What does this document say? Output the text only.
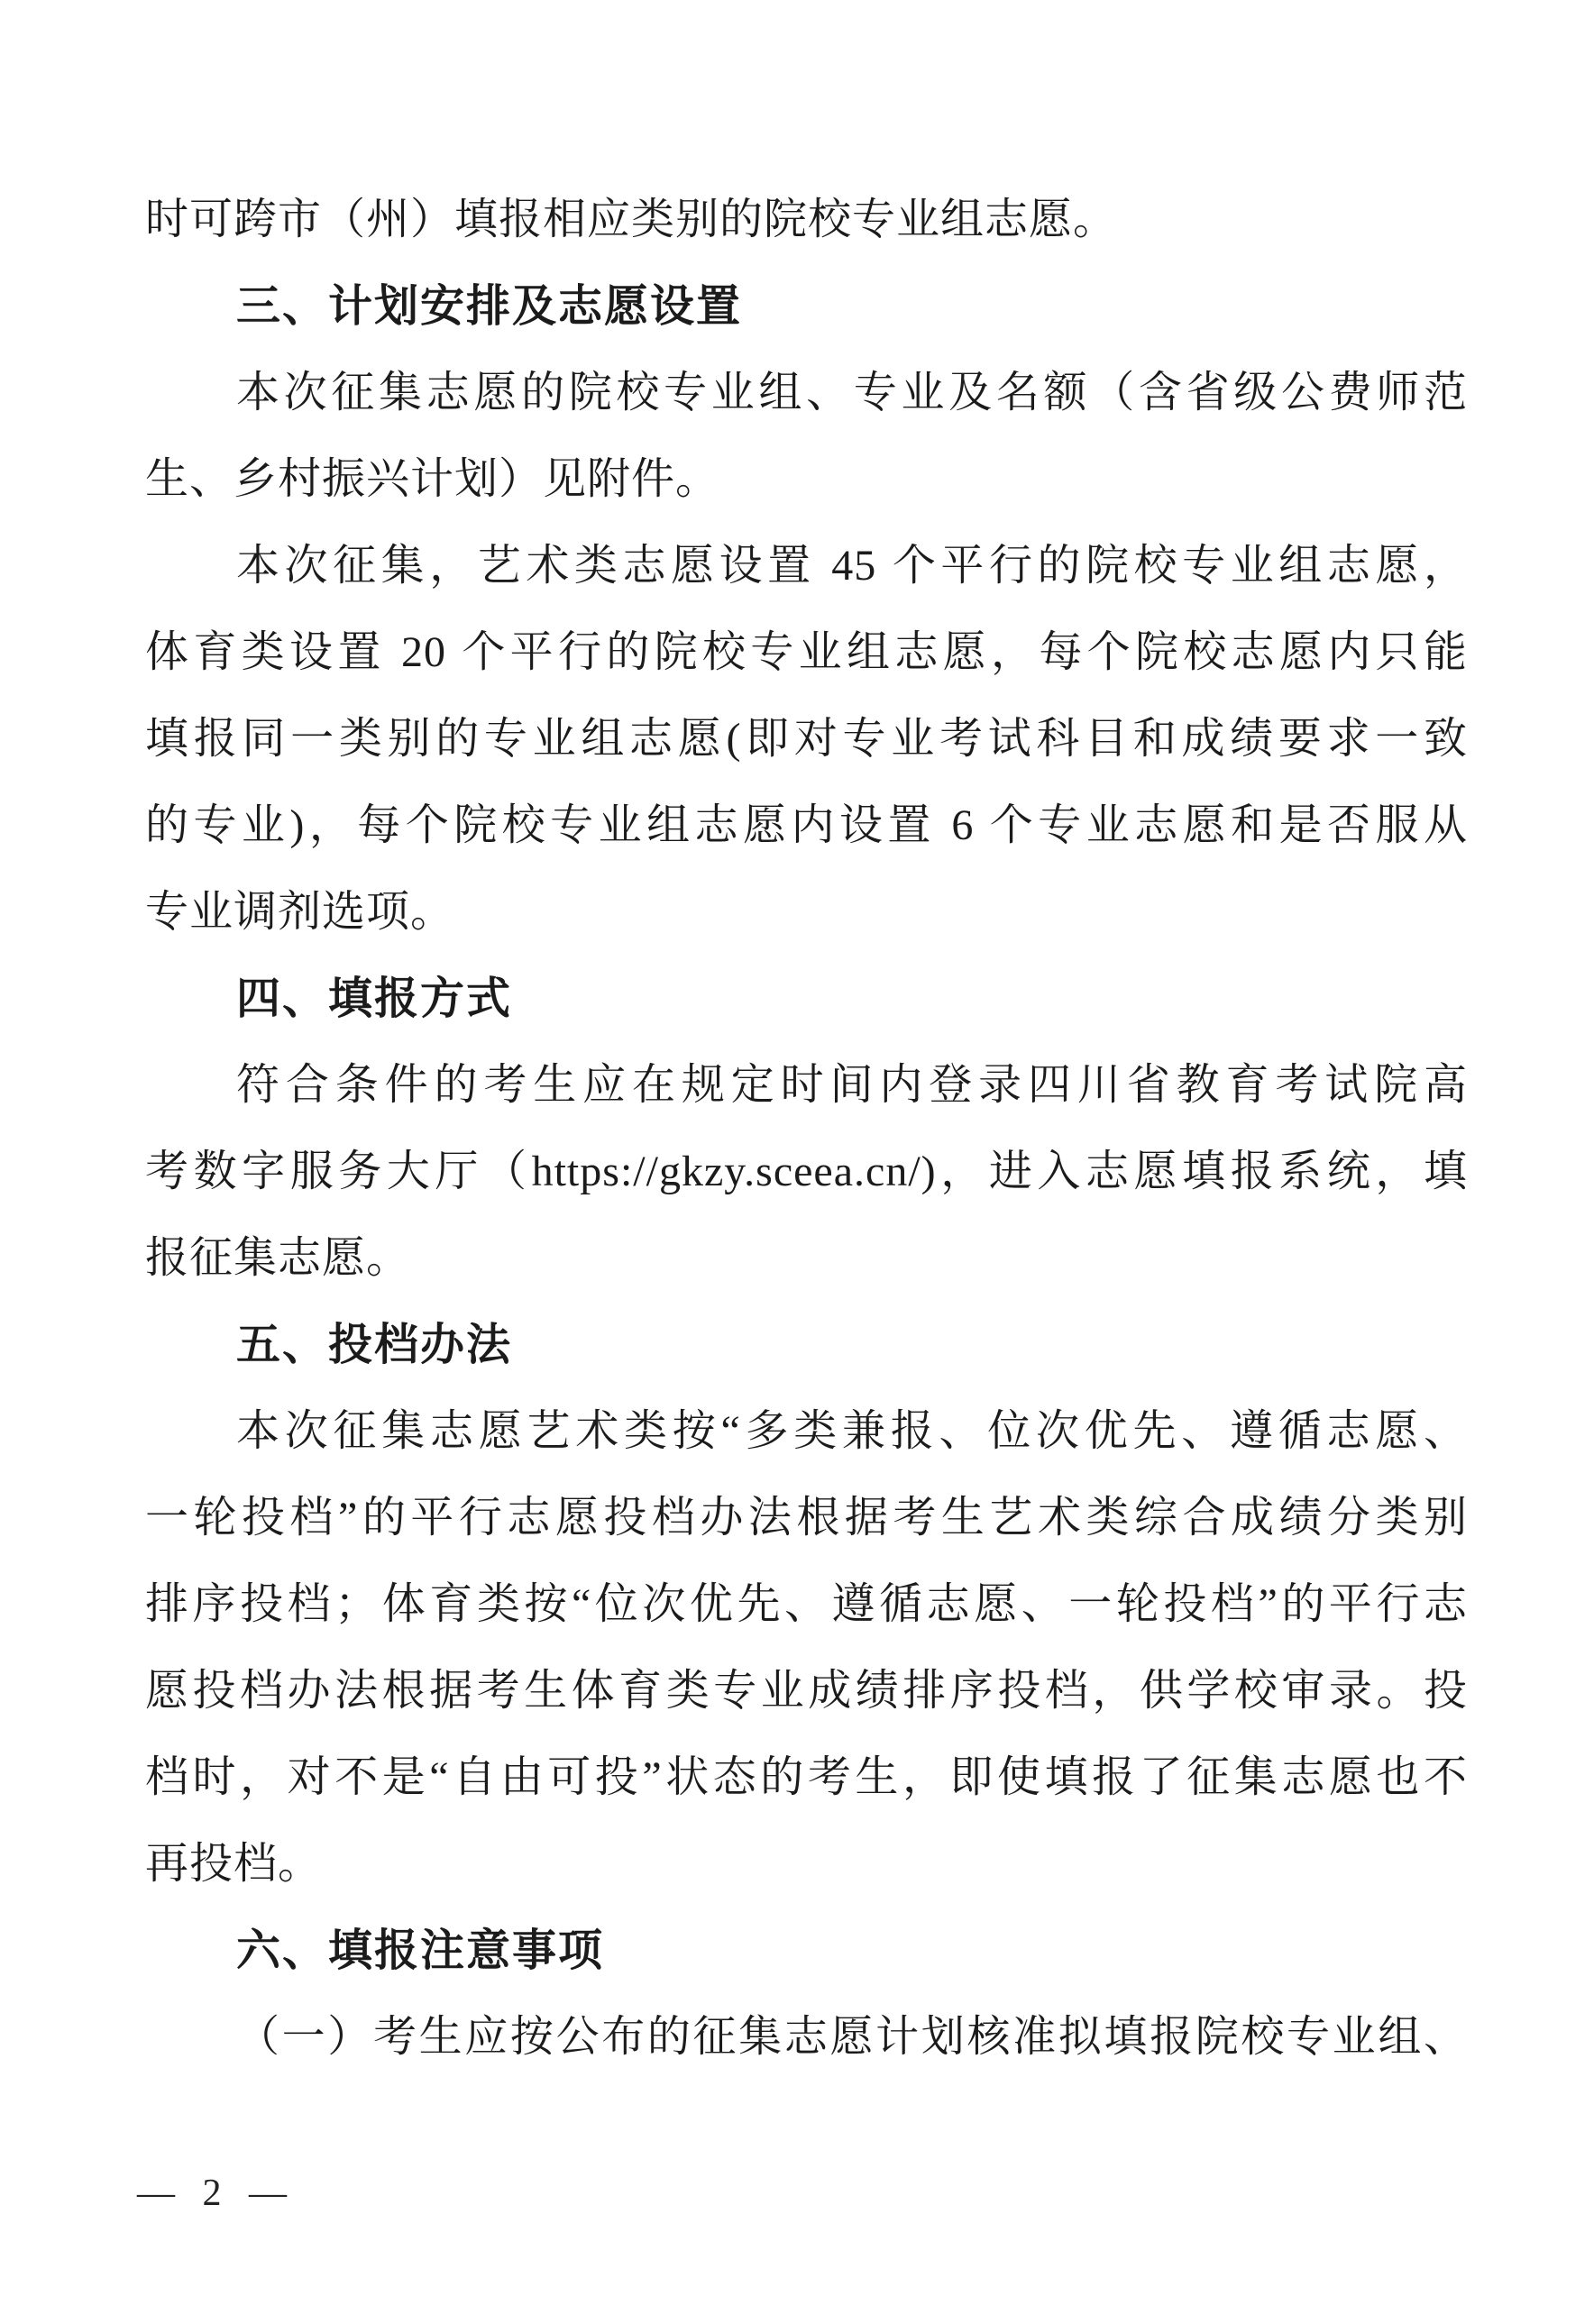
时可跨市（州）填报相应类别的院校专业组志愿。
三、计划安排及志愿设置
本次征集志愿的院校专业组、专业及名额（含省级公费师范
生、乡村振兴计划）见附件。
本次征集，艺术类志愿设置 45 个平行的院校专业组志愿，
体育类设置 20 个平行的院校专业组志愿，每个院校志愿内只能
填报同一类别的专业组志愿(即对专业考试科目和成绩要求一致
的专业)，每个院校专业组志愿内设置 6 个专业志愿和是否服从
专业调剂选项。
四、填报方式
符合条件的考生应在规定时间内登录四川省教育考试院高
考数字服务大厅（https://gkzy.sceea.cn/)，进入志愿填报系统，填
报征集志愿。
五、投档办法
本次征集志愿艺术类按“多类兼报、位次优先、遵循志愿、
一轮投档”的平行志愿投档办法根据考生艺术类综合成绩分类别
排序投档；体育类按“位次优先、遵循志愿、一轮投档”的平行志
愿投档办法根据考生体育类专业成绩排序投档，供学校审录。投
档时，对不是“自由可投”状态的考生，即使填报了征集志愿也不
再投档。
六、填报注意事项
（一）考生应按公布的征集志愿计划核准拟填报院校专业组、
— 2 —
